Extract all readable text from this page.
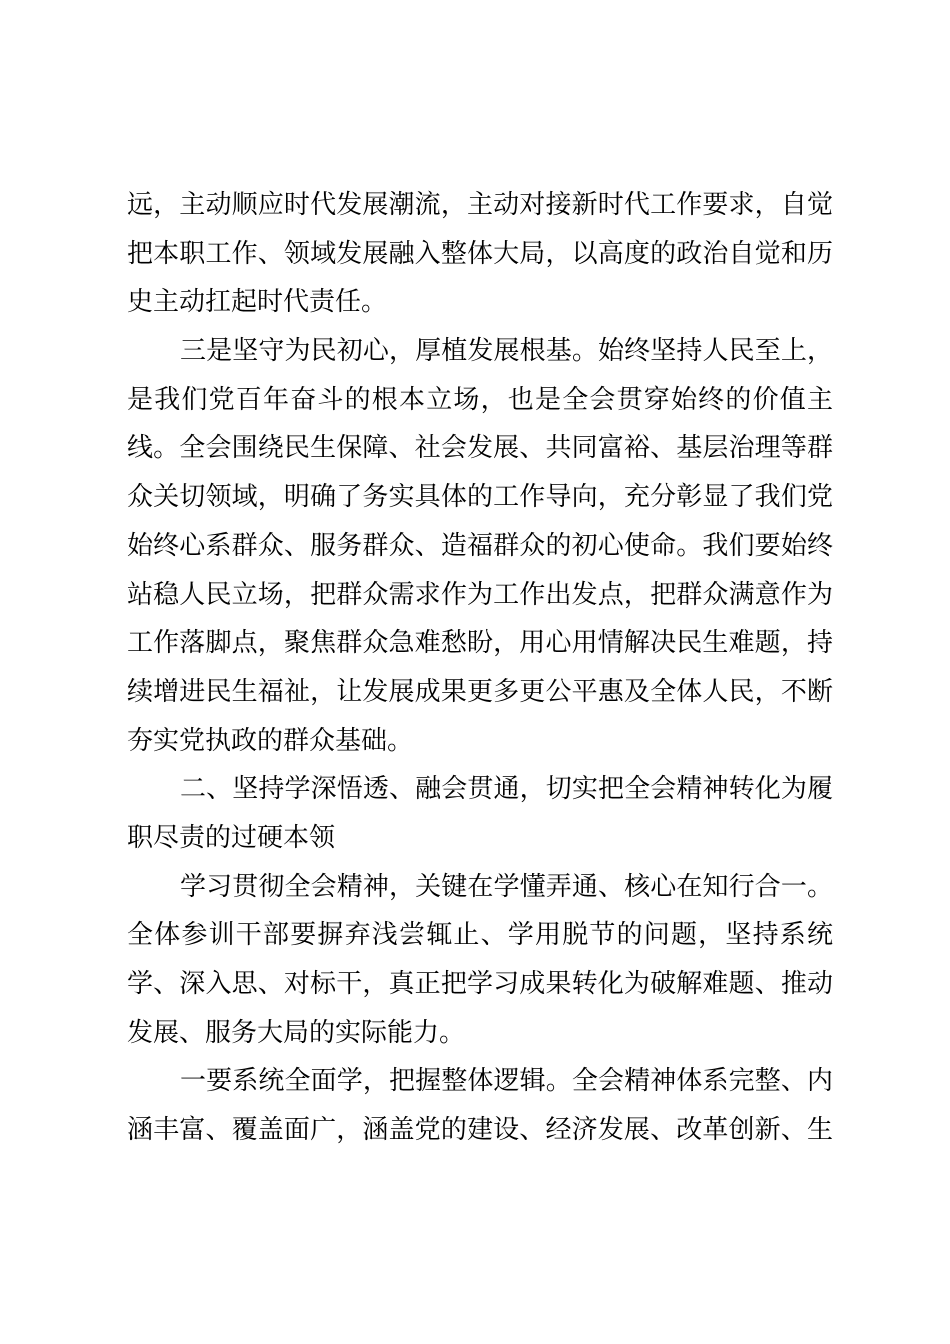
远，主动顺应时代发展潮流，主动对接新时代工作要求，自觉
把本职工作、领域发展融入整体大局，以高度的政治自觉和历
史主动扛起时代责任。
三是坚守为民初心，厚植发展根基。始终坚持人民至上，
是我们党百年奋斗的根本立场，也是全会贯穿始终的价值主
线。全会围绕民生保障、社会发展、共同富裕、基层治理等群
众关切领域，明确了务实具体的工作导向，充分彰显了我们党
始终心系群众、服务群众、造福群众的初心使命。我们要始终
站稳人民立场，把群众需求作为工作出发点，把群众满意作为
工作落脚点，聚焦群众急难愁盼，用心用情解决民生难题，持
续增进民生福祉，让发展成果更多更公平惠及全体人民，不断
夯实党执政的群众基础。
二、坚持学深悟透、融会贯通，切实把全会精神转化为履
职尽责的过硬本领
学习贯彻全会精神，关键在学懂弄通、核心在知行合一。
全体参训干部要摒弃浅尝辄止、学用脱节的问题，坚持系统
学、深入思、对标干，真正把学习成果转化为破解难题、推动
发展、服务大局的实际能力。
一要系统全面学，把握整体逻辑。全会精神体系完整、内
涵丰富、覆盖面广，涵盖党的建设、经济发展、改革创新、生
